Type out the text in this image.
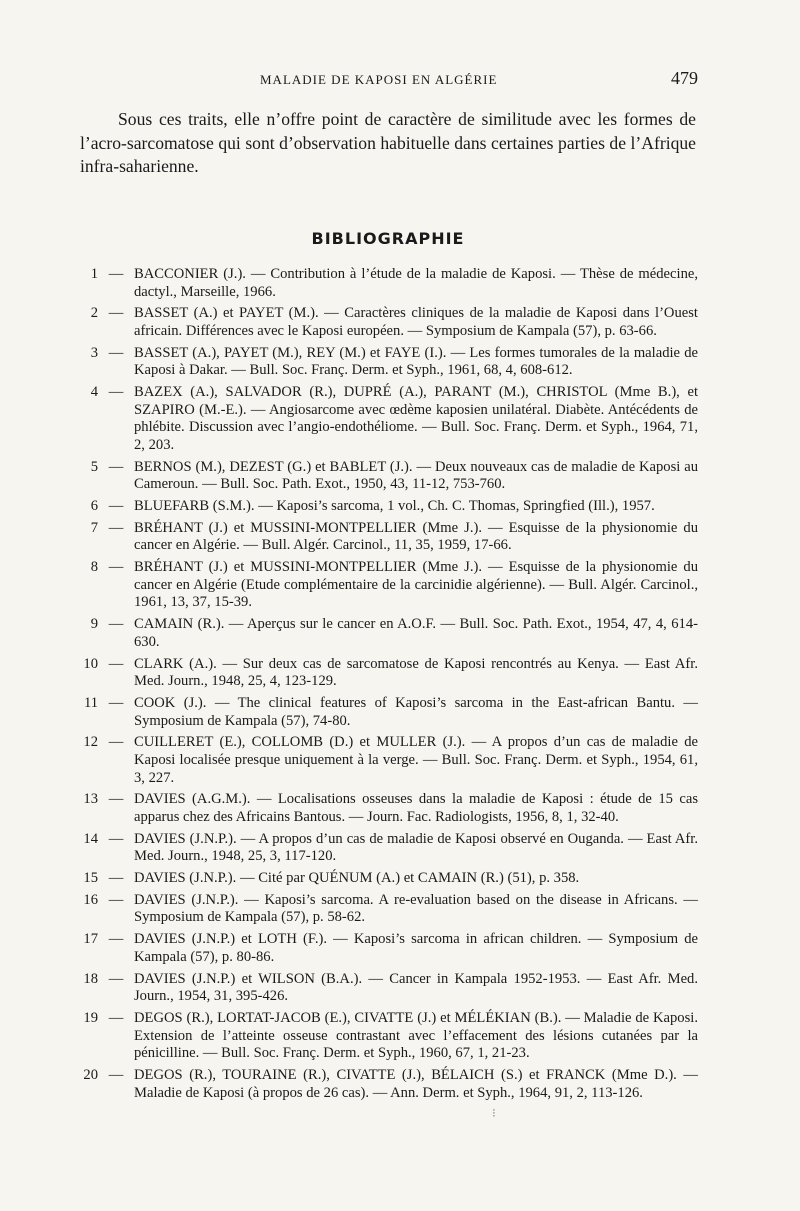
MALADIE DE KAPOSI EN ALGÉRIE	479

Sous ces traits, elle n’offre point de caractère de similitude avec les formes de l’acro-sarcomatose qui sont d’observation habituelle dans certaines parties de l’Afrique infra-saharienne.

BIBLIOGRAPHIE
1 — BACCONIER (J.). — Contribution à l’étude de la maladie de Kaposi. — Thèse de médecine, dactyl., Marseille, 1966.
2 — BASSET (A.) et PAYET (M.). — Caractères cliniques de la maladie de Kaposi dans l’Ouest africain. Différences avec le Kaposi européen. — Symposium de Kampala (57), p. 63-66.
3 — BASSET (A.), PAYET (M.), REY (M.) et FAYE (I.). — Les formes tumorales de la maladie de Kaposi à Dakar. — Bull. Soc. Franç. Derm. et Syph., 1961, 68, 4, 608-612.
4 — BAZEX (A.), SALVADOR (R.), DUPRÉ (A.), PARANT (M.), CHRISTOL (Mme B.), et SZAPIRO (M.-E.). — Angiosarcome avec œdème kaposien unilatéral. Diabète. Antécédents de phlébite. Discussion avec l’angio-endothéliome. — Bull. Soc. Franç. Derm. et Syph., 1964, 71, 2, 203.
5 — BERNOS (M.), DEZEST (G.) et BABLET (J.). — Deux nouveaux cas de maladie de Kaposi au Cameroun. — Bull. Soc. Path. Exot., 1950, 43, 11-12, 753-760.
6 — BLUEFARB (S.M.). — Kaposi’s sarcoma, 1 vol., Ch. C. Thomas, Springfied (Ill.), 1957.
7 — BRÉHANT (J.) et MUSSINI-MONTPELLIER (Mme J.). — Esquisse de la physionomie du cancer en Algérie. — Bull. Algér. Carcinol., 11, 35, 1959, 17-66.
8 — BRÉHANT (J.) et MUSSINI-MONTPELLIER (Mme J.). — Esquisse de la physionomie du cancer en Algérie (Etude complémentaire de la carcinidie algérienne). — Bull. Algér. Carcinol., 1961, 13, 37, 15-39.
9 — CAMAIN (R.). — Aperçus sur le cancer en A.O.F. — Bull. Soc. Path. Exot., 1954, 47, 4, 614-630.
10 — CLARK (A.). — Sur deux cas de sarcomatose de Kaposi rencontrés au Kenya. — East Afr. Med. Journ., 1948, 25, 4, 123-129.
11 — COOK (J.). — The clinical features of Kaposi’s sarcoma in the East-african Bantu. — Symposium de Kampala (57), 74-80.
12 — CUILLERET (E.), COLLOMB (D.) et MULLER (J.). — A propos d’un cas de maladie de Kaposi localisée presque uniquement à la verge. — Bull. Soc. Franç. Derm. et Syph., 1954, 61, 3, 227.
13 — DAVIES (A.G.M.). — Localisations osseuses dans la maladie de Kaposi : étude de 15 cas apparus chez des Africains Bantous. — Journ. Fac. Radiologists, 1956, 8, 1, 32-40.
14 — DAVIES (J.N.P.). — A propos d’un cas de maladie de Kaposi observé en Ouganda. — East Afr. Med. Journ., 1948, 25, 3, 117-120.
15 — DAVIES (J.N.P.). — Cité par QUÉNUM (A.) et CAMAIN (R.) (51), p. 358.
16 — DAVIES (J.N.P.). — Kaposi’s sarcoma. A re-evaluation based on the disease in Africans. — Symposium de Kampala (57), p. 58-62.
17 — DAVIES (J.N.P.) et LOTH (F.). — Kaposi’s sarcoma in african children. — Symposium de Kampala (57), p. 80-86.
18 — DAVIES (J.N.P.) et WILSON (B.A.). — Cancer in Kampala 1952-1953. — East Afr. Med. Journ., 1954, 31, 395-426.
19 — DEGOS (R.), LORTAT-JACOB (E.), CIVATTE (J.) et MÉLÉKIAN (B.). — Maladie de Kaposi. Extension de l’atteinte osseuse contrastant avec l’effacement des lésions cutanées par la pénicilline. — Bull. Soc. Franç. Derm. et Syph., 1960, 67, 1, 21-23.
20 — DEGOS (R.), TOURAINE (R.), CIVATTE (J.), BÉLAICH (S.) et FRANCK (Mme D.). — Maladie de Kaposi (à propos de 26 cas). — Ann. Derm. et Syph., 1964, 91, 2, 113-126.
⁝
